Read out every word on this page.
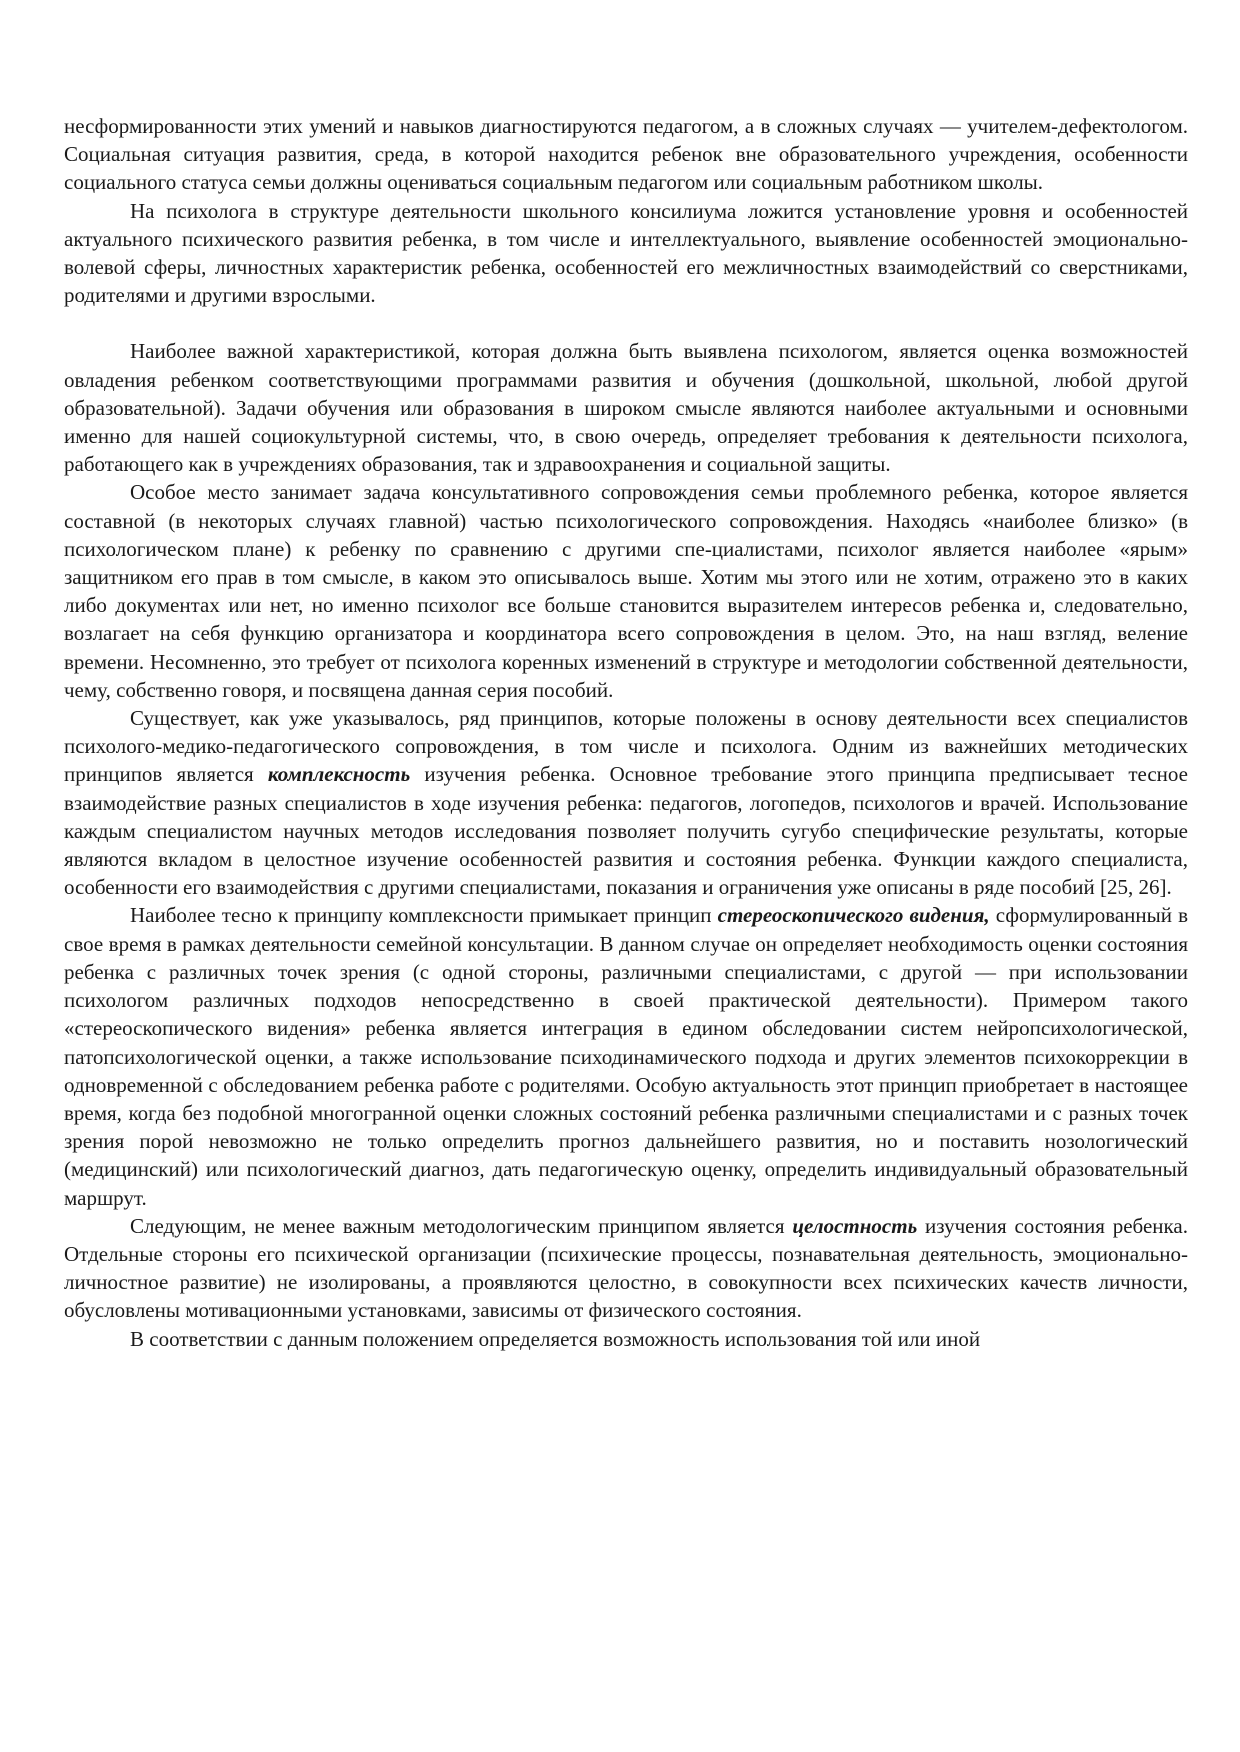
несформированности этих умений и навыков диагностируются педагогом, а в сложных случаях — учителем-дефектологом. Социальная ситуация развития, среда, в которой находится ребенок вне образовательного учреждения, особенности социального статуса семьи должны оцениваться социальным педагогом или социальным работником школы.

На психолога в структуре деятельности школьного консилиума ложится установление уровня и особенностей актуального психического развития ребенка, в том числе и интеллектуального, выявление особенностей эмоционально-волевой сферы, личностных характеристик ребенка, особенностей его межличностных взаимодействий со сверстниками, родителями и другими взрослыми.

Наиболее важной характеристикой, которая должна быть выявлена психологом, является оценка возможностей овладения ребенком соответствующими программами развития и обучения (дошкольной, школьной, любой другой образовательной). Задачи обучения или образования в широком смысле являются наиболее актуальными и основными именно для нашей социокультурной системы, что, в свою очередь, определяет требования к деятельности психолога, работающего как в учреждениях образования, так и здравоохранения и социальной защиты.

Особое место занимает задача консультативного сопровождения семьи проблемного ребенка, которое является составной (в некоторых случаях главной) частью психологического сопровождения. Находясь «наиболее близко» (в психологическом плане) к ребенку по сравнению с другими спе-циалистами, психолог является наиболее «ярым» защитником его прав в том смысле, в каком это описывалось выше. Хотим мы этого или не хотим, отражено это в каких либо документах или нет, но именно психолог все больше становится выразителем интересов ребенка и, следовательно, возлагает на себя функцию организатора и координатора всего сопровождения в целом. Это, на наш взгляд, веление времени. Несомненно, это требует от психолога коренных изменений в структуре и методологии собственной деятельности, чему, собственно говоря, и посвящена данная серия пособий.

Существует, как уже указывалось, ряд принципов, которые положены в основу деятельности всех специалистов психолого-медико-педагогического сопровождения, в том числе и психолога. Одним из важнейших методических принципов является комплексность изучения ребенка. Основное требование этого принципа предписывает тесное взаимодействие разных специалистов в ходе изучения ребенка: педагогов, логопедов, психологов и врачей. Использование каждым специалистом научных методов исследования позволяет получить сугубо специфические результаты, которые являются вкладом в целостное изучение особенностей развития и состояния ребенка. Функции каждого специалиста, особенности его взаимодействия с другими специалистами, показания и ограничения уже описаны в ряде пособий [25, 26].

Наиболее тесно к принципу комплексности примыкает принцип стереоскопического видения, сформулированный в свое время в рамках деятельности семейной консультации. В данном случае он определяет необходимость оценки состояния ребенка с различных точек зрения (с одной стороны, различными специалистами, с другой — при использовании психологом различных подходов непосредственно в своей практической деятельности). Примером такого «стереоскопического видения» ребенка является интеграция в едином обследовании систем нейропсихологической, патопсихологической оценки, а также использование психодинамического подхода и других элементов психокоррекции в одновременной с обследованием ребенка работе с родителями. Особую актуальность этот принцип приобретает в настоящее время, когда без подобной многогранной оценки сложных состояний ребенка различными специалистами и с разных точек зрения порой невозможно не только определить прогноз дальнейшего развития, но и поставить нозологический (медицинский) или психологический диагноз, дать педагогическую оценку, определить индивидуальный образовательный маршрут.

Следующим, не менее важным методологическим принципом является целостность изучения состояния ребенка. Отдельные стороны его психической организации (психические процессы, познавательная деятельность, эмоционально-личностное развитие) не изолированы, а проявляются целостно, в совокупности всех психических качеств личности, обусловлены мотивационными установками, зависимы от физического состояния.

В соответствии с данным положением определяется возможность использования той или иной
